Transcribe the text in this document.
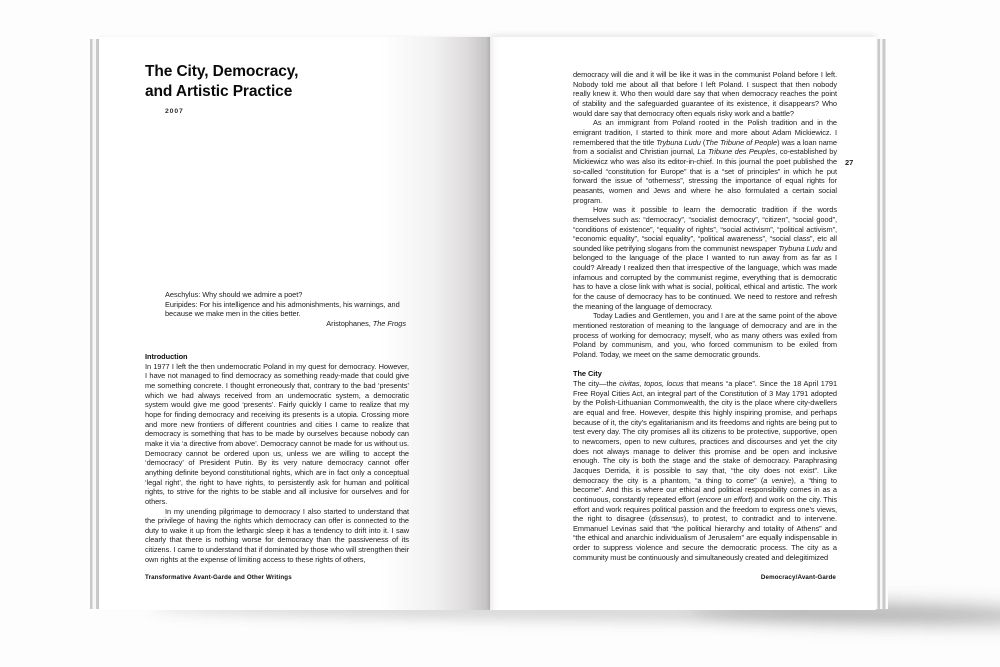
The City, Democracy,
and Artistic Practice
2007
Aeschylus: Why should we admire a poet?
Euripides: For his intelligence and his admonishments, his warnings, and
because we make men in the cities better.
Aristophanes, The Frogs
Introduction

In 1977 I left the then undemocratic Poland in my quest for democracy. However, I have not managed to find democracy as something ready-made that could give me something concrete. I thought erroneously that, contrary to the bad ‘presents’ which we had always received from an undemocratic system, a democratic system would give me good ‘presents’. Fairly quickly I came to realize that my hope for finding democracy and receiving its presents is a utopia. Crossing more and more new frontiers of different countries and cities I came to realize that democracy is something that has to be made by ourselves because nobody can make it via ‘a directive from above’. Democracy cannot be made for us without us. Democracy cannot be ordered upon us, unless we are willing to accept the ‘democracy’ of President Putin. By its very nature democracy cannot offer anything definite beyond constitutional rights, which are in fact only a conceptual ‘legal right’, the right to have rights, to persistently ask for human and political rights, to strive for the rights to be stable and all inclusive for ourselves and for others.

In my unending pilgrimage to democracy I also started to understand that the privilege of having the rights which democracy can offer is connected to the duty to wake it up from the lethargic sleep it has a tendency to drift into it. I saw clearly that there is nothing worse for democracy than the passiveness of its citizens. I came to understand that if dominated by those who will strengthen their own rights at the expense of limiting access to these rights of others,

Transformative Avant-Garde and Other Writings

democracy will die and it will be like it was in the communist Poland before I left. Nobody told me about all that before I left Poland. I suspect that then nobody really knew it. Who then would dare say that when democracy reaches the point of stability and the safeguarded guarantee of its existence, it disappears? Who would dare say that democracy often equals risky work and a battle?

As an immigrant from Poland rooted in the Polish tradition and in the emigrant tradition, I started to think more and more about Adam Mickiewicz. I remembered that the title Trybuna Ludu (The Tribune of People) was a loan name from a socialist and Christian journal, La Tribune des Peuples, co-established by Mickiewicz who was also its editor-in-chief. In this journal the poet published the so-called “constitution for Europe” that is a “set of principles” in which he put forward the issue of “otherness”, stressing the importance of equal rights for peasants, women and Jews and where he also formulated a certain social program.

How was it possible to learn the democratic tradition if the words themselves such as: “democracy”, “socialist democracy”, “citizen”, “social good”, “conditions of existence”, “equality of rights”, “social activism”, “political activism”, “economic equality”, “social equality”, “political awareness”, “social class”, etc all sounded like petrifying slogans from the communist newspaper Trybuna Ludu and belonged to the language of the place I wanted to run away from as far as I could? Already I realized then that irrespective of the language, which was made infamous and corrupted by the communist regime, everything that is democratic has to have a close link with what is social, political, ethical and artistic. The work for the cause of democracy has to be continued. We need to restore and refresh the meaning of the language of democracy.

Today Ladies and Gentlemen, you and I are at the same point of the above mentioned restoration of meaning to the language of democracy and are in the process of working for democracy; myself, who as many others was exiled from Poland by communism, and you, who forced communism to be exiled from Poland. Today, we meet on the same democratic grounds.

The City

The city—the civitas, topos, locus that means “a place”. Since the 18 April 1791 Free Royal Cities Act, an integral part of the Constitution of 3 May 1791 adopted by the Polish-Lithuanian Commonwealth, the city is the place where city-dwellers are equal and free. However, despite this highly inspiring promise, and perhaps because of it, the city’s egalitarianism and its freedoms and rights are being put to test every day. The city promises all its citizens to be protective, supportive, open to newcomers, open to new cultures, practices and discourses and yet the city does not always manage to deliver this promise and be open and inclusive enough. The city is both the stage and the stake of democracy. Paraphrasing Jacques Derrida, it is possible to say that, “the city does not exist”. Like democracy the city is a phantom, “a thing to come” (a venire), a “thing to become”. And this is where our ethical and political responsibility comes in as a continuous, constantly repeated effort (encore un effort) and work on the city. This effort and work requires political passion and the freedom to express one’s views, the right to disagree (dissensus), to protest, to contradict and to intervene. Emmanuel Levinas said that “the political hierarchy and totality of Athens” and “the ethical and anarchic individualism of Jerusalem” are equally indispensable in order to suppress violence and secure the democratic process. The city as a community must be continuously and simultaneously created and delegitimized

27
Democracy/Avant-Garde
